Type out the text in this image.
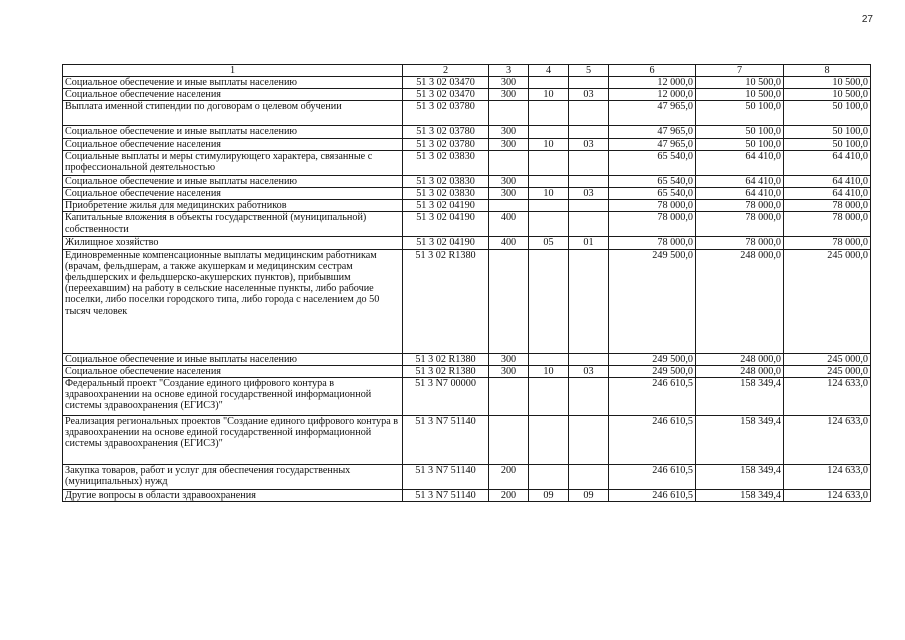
27
1	2	3	4	5	6	7	8
Социальное обеспечение и иные выплаты населению	51 3 02 03470	300			12 000,0	10 500,0	10 500,0
Социальное обеспечение населения	51 3 02 03470	300	10	03	12 000,0	10 500,0	10 500,0
Выплата именной стипендии по договорам о целевом обучении	51 3 02 03780				47 965,0	50 100,0	50 100,0
Социальное обеспечение и иные выплаты населению	51 3 02 03780	300			47 965,0	50 100,0	50 100,0
Социальное обеспечение населения	51 3 02 03780	300	10	03	47 965,0	50 100,0	50 100,0
Социальные выплаты и меры стимулирующего характера, связанные с профессиональной деятельностью	51 3 02 03830				65 540,0	64 410,0	64 410,0
Социальное обеспечение и иные выплаты населению	51 3 02 03830	300			65 540,0	64 410,0	64 410,0
Социальное обеспечение населения	51 3 02 03830	300	10	03	65 540,0	64 410,0	64 410,0
Приобретение жилья для медицинских работников	51 3 02 04190				78 000,0	78 000,0	78 000,0
Капитальные вложения в объекты государственной (муниципальной) собственности	51 3 02 04190	400			78 000,0	78 000,0	78 000,0
Жилищное хозяйство	51 3 02 04190	400	05	01	78 000,0	78 000,0	78 000,0
Единовременные компенсационные выплаты медицинским работникам (врачам, фельдшерам, а также акушеркам и медицинским сестрам фельдшерских и фельдшерско-акушерских пунктов), прибывшим (переехавшим) на работу в сельские населенные пункты, либо рабочие поселки, либо поселки городского типа, либо города с населением до 50 тысяч человек	51 3 02 R1380				249 500,0	248 000,0	245 000,0
Социальное обеспечение и иные выплаты населению	51 3 02 R1380	300			249 500,0	248 000,0	245 000,0
Социальное обеспечение населения	51 3 02 R1380	300	10	03	249 500,0	248 000,0	245 000,0
Федеральный проект "Создание единого цифрового контура в здравоохранении на основе единой государственной информационной системы здравоохранения (ЕГИСЗ)"	51 3 N7 00000				246 610,5	158 349,4	124 633,0
Реализация региональных проектов "Создание единого цифрового контура в здравоохранении на основе единой государственной информационной системы здравоохранения (ЕГИСЗ)"	51 3 N7 51140				246 610,5	158 349,4	124 633,0
Закупка товаров, работ и услуг для обеспечения государственных (муниципальных) нужд	51 3 N7 51140	200			246 610,5	158 349,4	124 633,0
Другие вопросы в области здравоохранения	51 3 N7 51140	200	09	09	246 610,5	158 349,4	124 633,0
